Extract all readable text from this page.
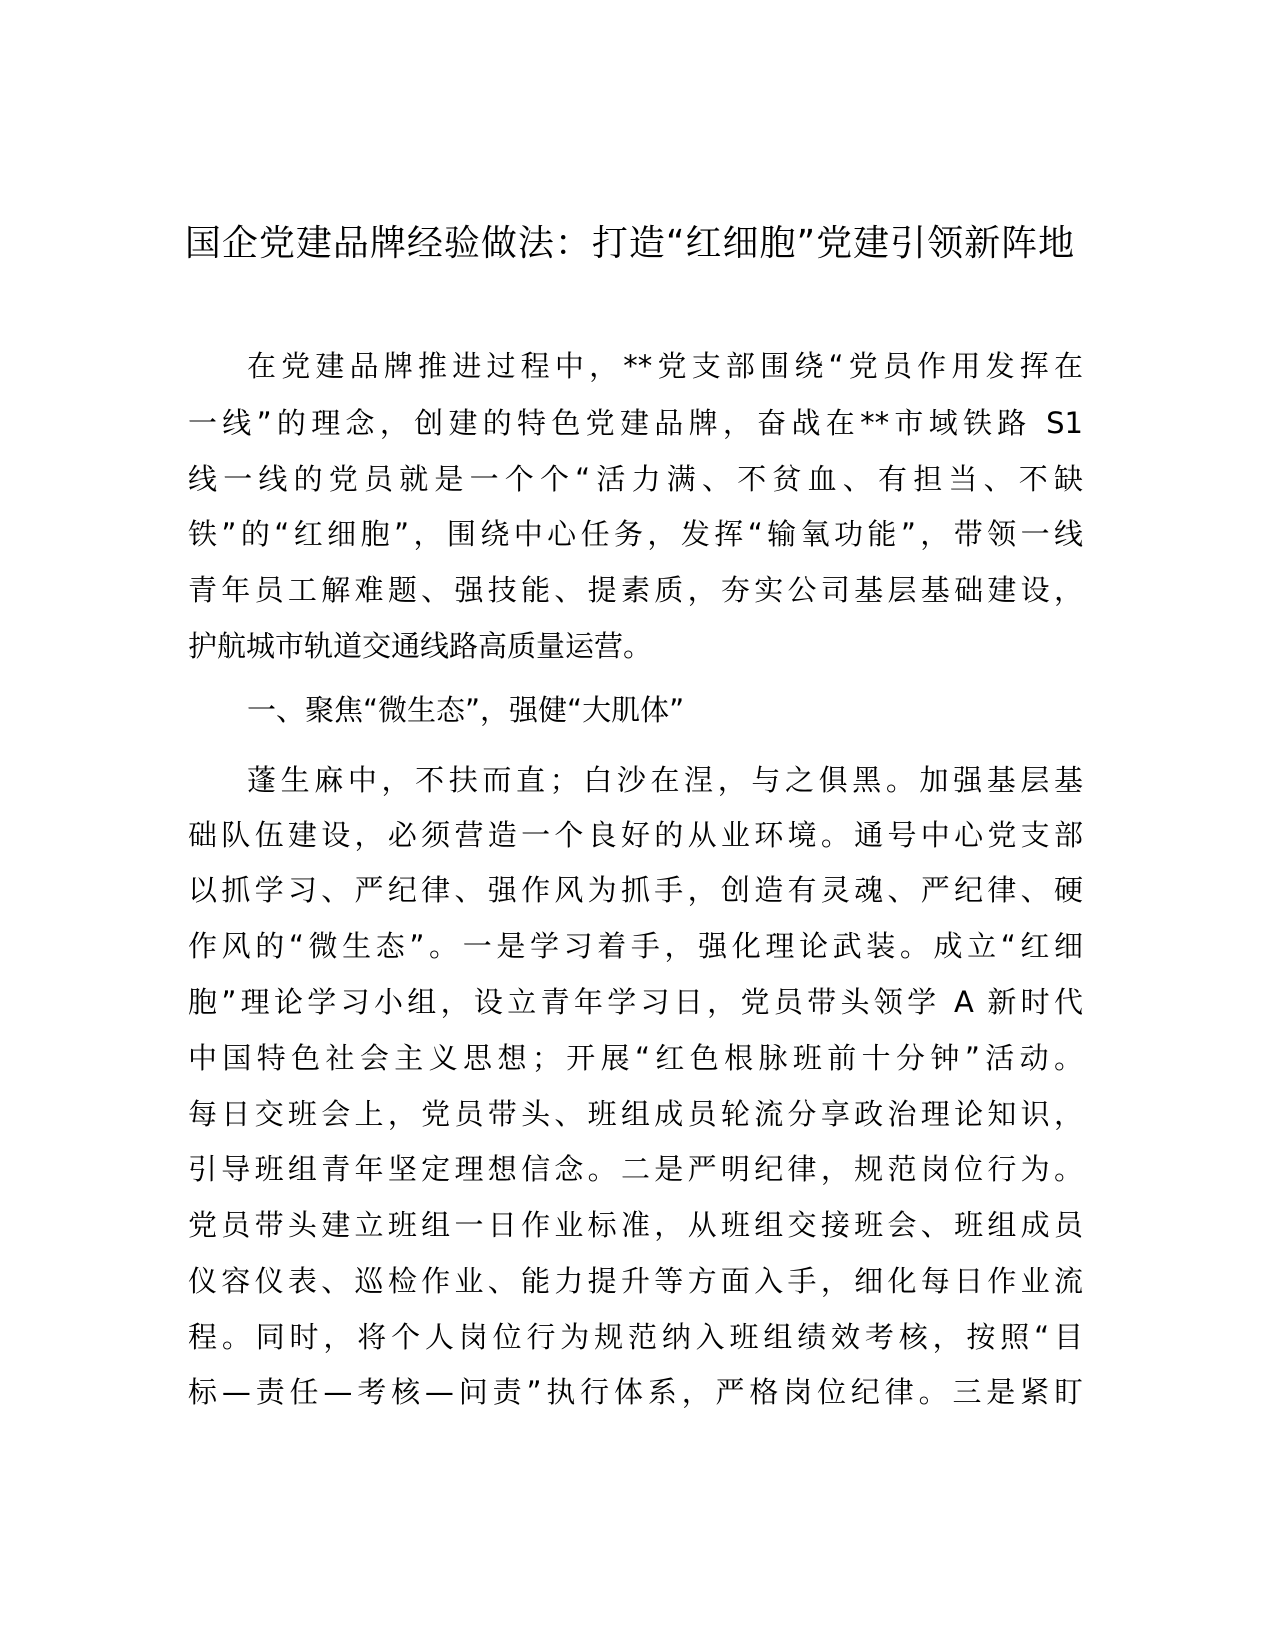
国企党建品牌经验做法：打造“红细胞”党建引领新阵地

在党建品牌推进过程中，**党支部围绕“党员作用发挥在

一线”的理念，创建的特色党建品牌，奋战在**市域铁路 S1

线一线的党员就是一个个“活力满、不贫血、有担当、不缺

铁”的“红细胞”，围绕中心任务，发挥“输氧功能”，带领一线

青年员工解难题、强技能、提素质，夯实公司基层基础建设，

护航城市轨道交通线路高质量运营。

一、聚焦“微生态”，强健“大肌体”

蓬生麻中，不扶而直；白沙在涅，与之俱黑。加强基层基

础队伍建设，必须营造一个良好的从业环境。通号中心党支部

以抓学习、严纪律、强作风为抓手，创造有灵魂、严纪律、硬

作风的“微生态”。一是学习着手，强化理论武装。成立“红细

胞”理论学习小组，设立青年学习日，党员带头领学 A 新时代

中国特色社会主义思想；开展“红色根脉班前十分钟”活动。

每日交班会上，党员带头、班组成员轮流分享政治理论知识，

引导班组青年坚定理想信念。二是严明纪律，规范岗位行为。

党员带头建立班组一日作业标准，从班组交接班会、班组成员

仪容仪表、巡检作业、能力提升等方面入手，细化每日作业流

程。同时，将个人岗位行为规范纳入班组绩效考核，按照“目

标—责任—考核—问责”执行体系，严格岗位纪律。三是紧盯
